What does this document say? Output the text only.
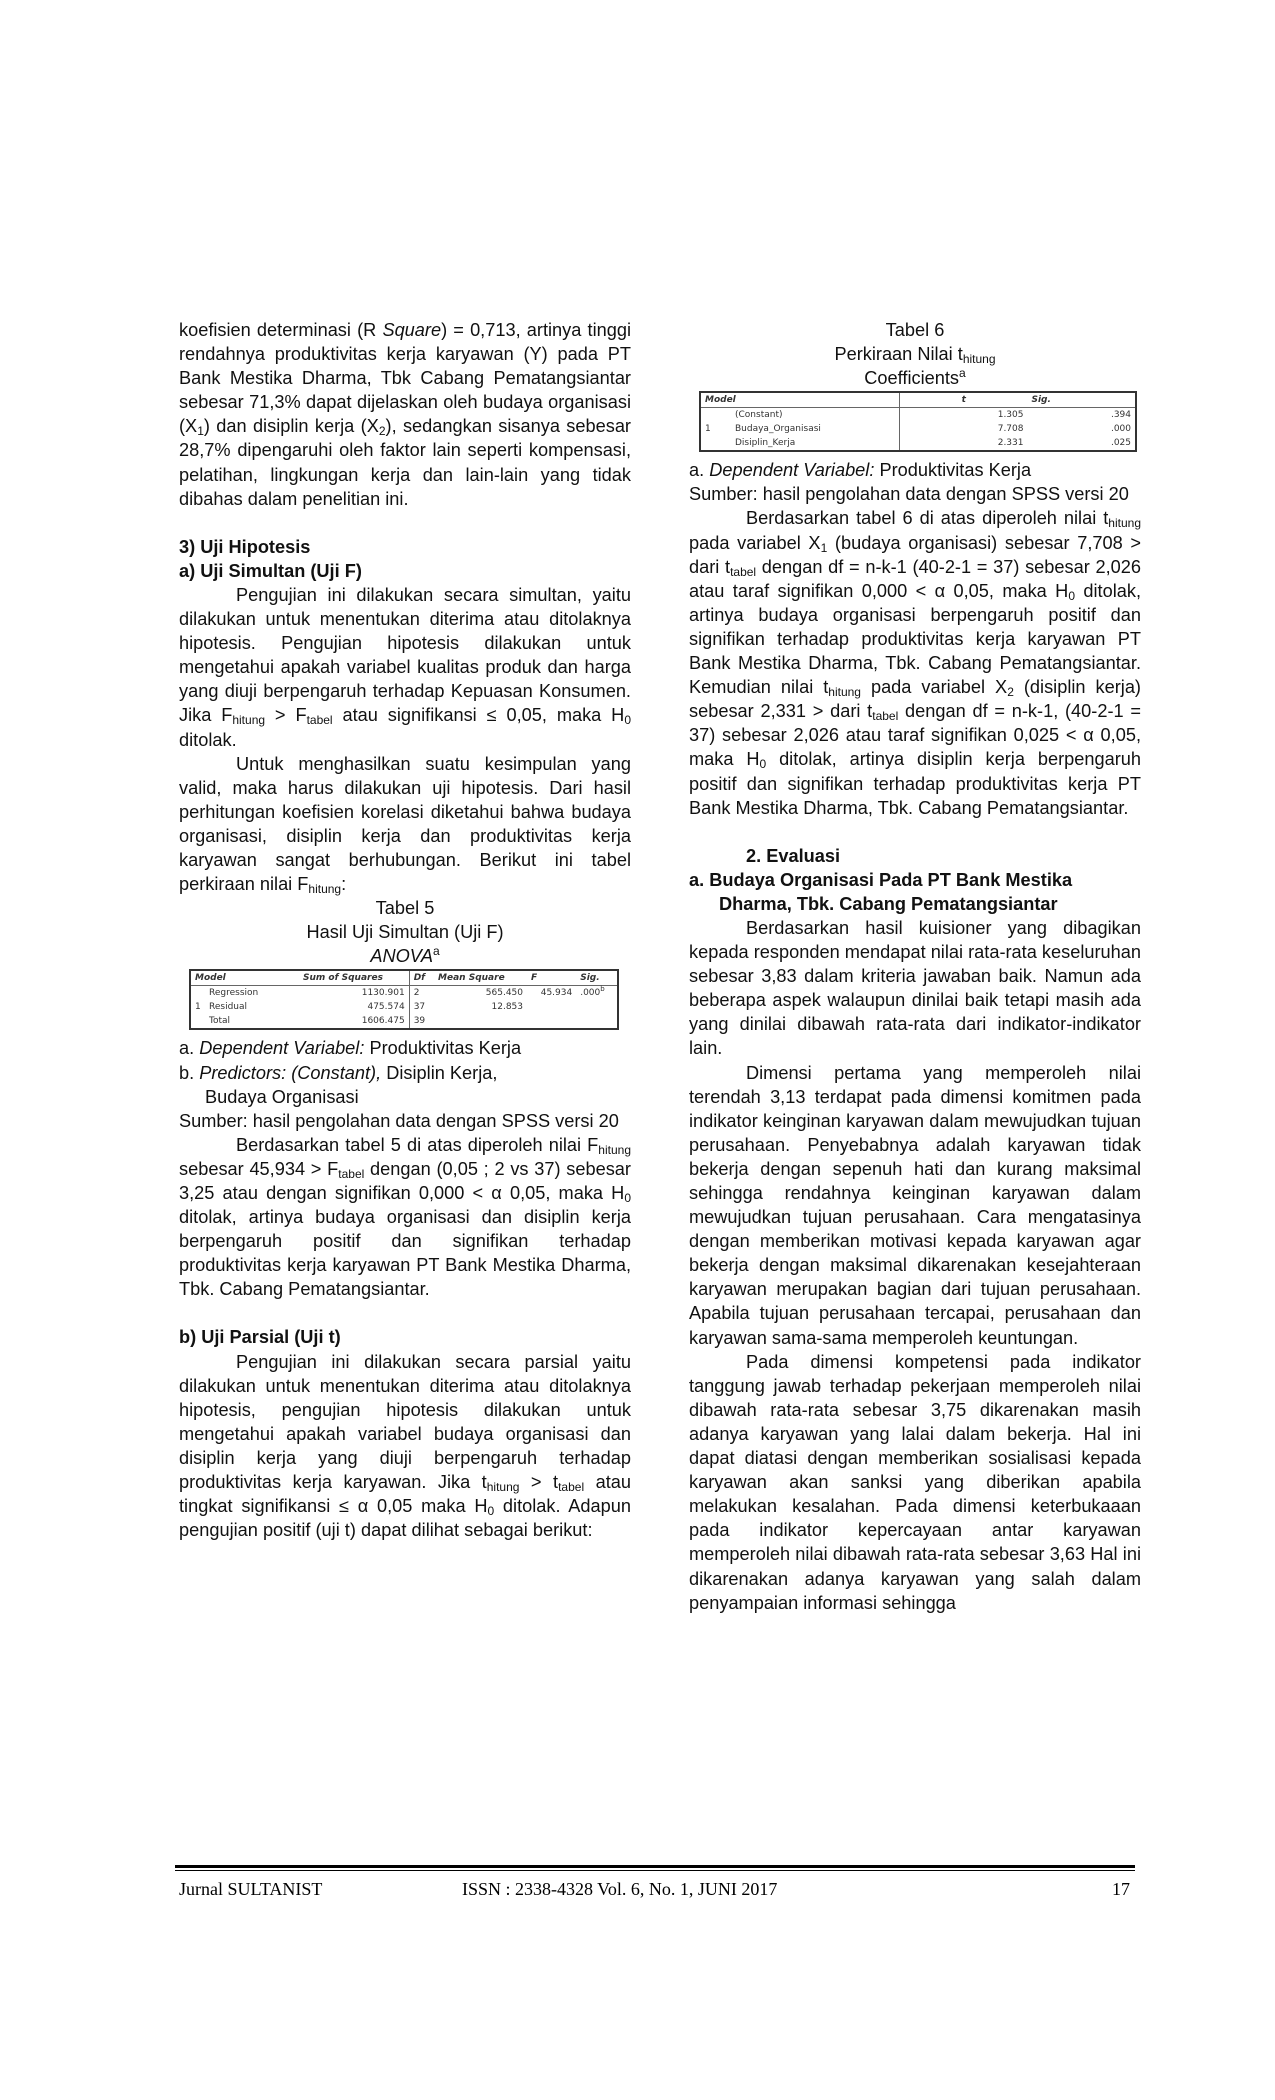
koefisien determinasi (R Square) = 0,713, artinya tinggi rendahnya produktivitas kerja karyawan (Y) pada PT Bank Mestika Dharma, Tbk Cabang Pematangsiantar sebesar 71,3% dapat dijelaskan oleh budaya organisasi $(X_1)$ dan disiplin kerja $(X_2)$, sedangkan sisanya sebesar 28,7% dipengaruhi oleh faktor lain seperti kompensasi, pelatihan, lingkungan kerja dan lain-lain yang tidak dibahas dalam penelitian ini.

3) Uji Hipotesis

a) Uji Simultan (Uji F)

Pengujian ini dilakukan secara simultan, yaitu dilakukan untuk menentukan diterima atau ditolaknya hipotesis. Pengujian hipotesis dilakukan untuk mengetahui apakah variabel kualitas produk dan harga yang diuji berpengaruh terhadap Kepuasan Konsumen. Jika $F_{hitung} > F_{tabel}$ atau signifikansi ≤ 0,05, maka $H_0$ ditolak.

Untuk menghasilkan suatu kesimpulan yang valid, maka harus dilakukan uji hipotesis. Dari hasil perhitungan koefisien korelasi diketahui bahwa budaya organisasi, disiplin kerja dan produktivitas kerja karyawan sangat berhubungan. Berikut ini tabel perkiraan nilai $F_{hitung}$:

Tabel 5

Hasil Uji Simultan (Uji F)

ANOVA$^a$

Model	Sum of Squares	Df	Mean Square	F	Sig.
Regression	1130.901	2	565.450	45.934	.000$^b$
1 Residual	475.574	37	12.853		
Total	1606.475	39			

a. Dependent Variabel: Produktivitas Kerja

b. Predictors: (Constant), Disiplin Kerja,

Budaya Organisasi

Sumber: hasil pengolahan data dengan SPSS versi 20

Berdasarkan tabel 5 di atas diperoleh nilai $F_{hitung}$ sebesar $45,934 > F_{tabel}$ dengan (0,05 ; 2 vs 37) sebesar 3,25 atau dengan signifikan 0,000 < α 0,05, maka $H_0$ ditolak, artinya budaya organisasi dan disiplin kerja berpengaruh positif dan signifikan terhadap produktivitas kerja karyawan PT Bank Mestika Dharma, Tbk. Cabang Pematangsiantar.

b) Uji Parsial (Uji t)

Pengujian ini dilakukan secara parsial yaitu dilakukan untuk menentukan diterima atau ditolaknya hipotesis, pengujian hipotesis dilakukan untuk mengetahui apakah variabel budaya organisasi dan disiplin kerja yang diuji berpengaruh terhadap produktivitas kerja karyawan. Jika $t_{hitung} > t_{tabel}$ atau tingkat signifikansi ≤ α 0,05 maka $H_0$ ditolak. Adapun pengujian positif (uji t) dapat dilihat sebagai berikut:

Tabel 6

Perkiraan Nilai $t_{hitung}$

Coefficients$^a$

Model	t	Sig.
(Constant)	1.305	.394
1 Budaya_Organisasi	7.708	.000
Disiplin_Kerja	2.331	.025

a. Dependent Variabel: Produktivitas Kerja

Sumber: hasil pengolahan data dengan SPSS versi 20

Berdasarkan tabel 6 di atas diperoleh nilai $t_{hitung}$ pada variabel $X_1$ (budaya organisasi) sebesar 7,708 > dari $t_{tabel}$ dengan df = n-k-1 (40-2-1 = 37) sebesar 2,026 atau taraf signifikan 0,000 < α 0,05, maka $H_0$ ditolak, artinya budaya organisasi berpengaruh positif dan signifikan terhadap produktivitas kerja karyawan PT Bank Mestika Dharma, Tbk. Cabang Pematangsiantar. Kemudian nilai $t_{hitung}$ pada variabel $X_2$ (disiplin kerja) sebesar 2,331 > dari $t_{tabel}$ dengan df = n-k-1, (40-2-1 = 37) sebesar 2,026 atau taraf signifikan 0,025 < α 0,05, maka $H_0$ ditolak, artinya disiplin kerja berpengaruh positif dan signifikan terhadap produktivitas kerja PT Bank Mestika Dharma, Tbk. Cabang Pematangsiantar.

2. Evaluasi

a. Budaya Organisasi Pada PT Bank Mestika

Dharma, Tbk. Cabang Pematangsiantar

Berdasarkan hasil kuisioner yang dibagikan kepada responden mendapat nilai rata-rata keseluruhan sebesar 3,83 dalam kriteria jawaban baik. Namun ada beberapa aspek walaupun dinilai baik tetapi masih ada yang dinilai dibawah rata-rata dari indikator-indikator lain.

Dimensi pertama yang memperoleh nilai terendah 3,13 terdapat pada dimensi komitmen pada indikator keinginan karyawan dalam mewujudkan tujuan perusahaan. Penyebabnya adalah karyawan tidak bekerja dengan sepenuh hati dan kurang maksimal sehingga rendahnya keinginan karyawan dalam mewujudkan tujuan perusahaan. Cara mengatasinya dengan memberikan motivasi kepada karyawan agar bekerja dengan maksimal dikarenakan kesejahteraan karyawan merupakan bagian dari tujuan perusahaan. Apabila tujuan perusahaan tercapai, perusahaan dan karyawan sama-sama memperoleh keuntungan.

Pada dimensi kompetensi pada indikator tanggung jawab terhadap pekerjaan memperoleh nilai dibawah rata-rata sebesar 3,75 dikarenakan masih adanya karyawan yang lalai dalam bekerja. Hal ini dapat diatasi dengan memberikan sosialisasi kepada karyawan akan sanksi yang diberikan apabila melakukan kesalahan. Pada dimensi keterbukaaan pada indikator kepercayaan antar karyawan memperoleh nilai dibawah rata-rata sebesar 3,63 Hal ini dikarenakan adanya karyawan yang salah dalam penyampaian informasi sehingga

Jurnal SULTANIST	ISSN : 2338-4328 Vol. 6, No. 1, JUNI 2017	17
